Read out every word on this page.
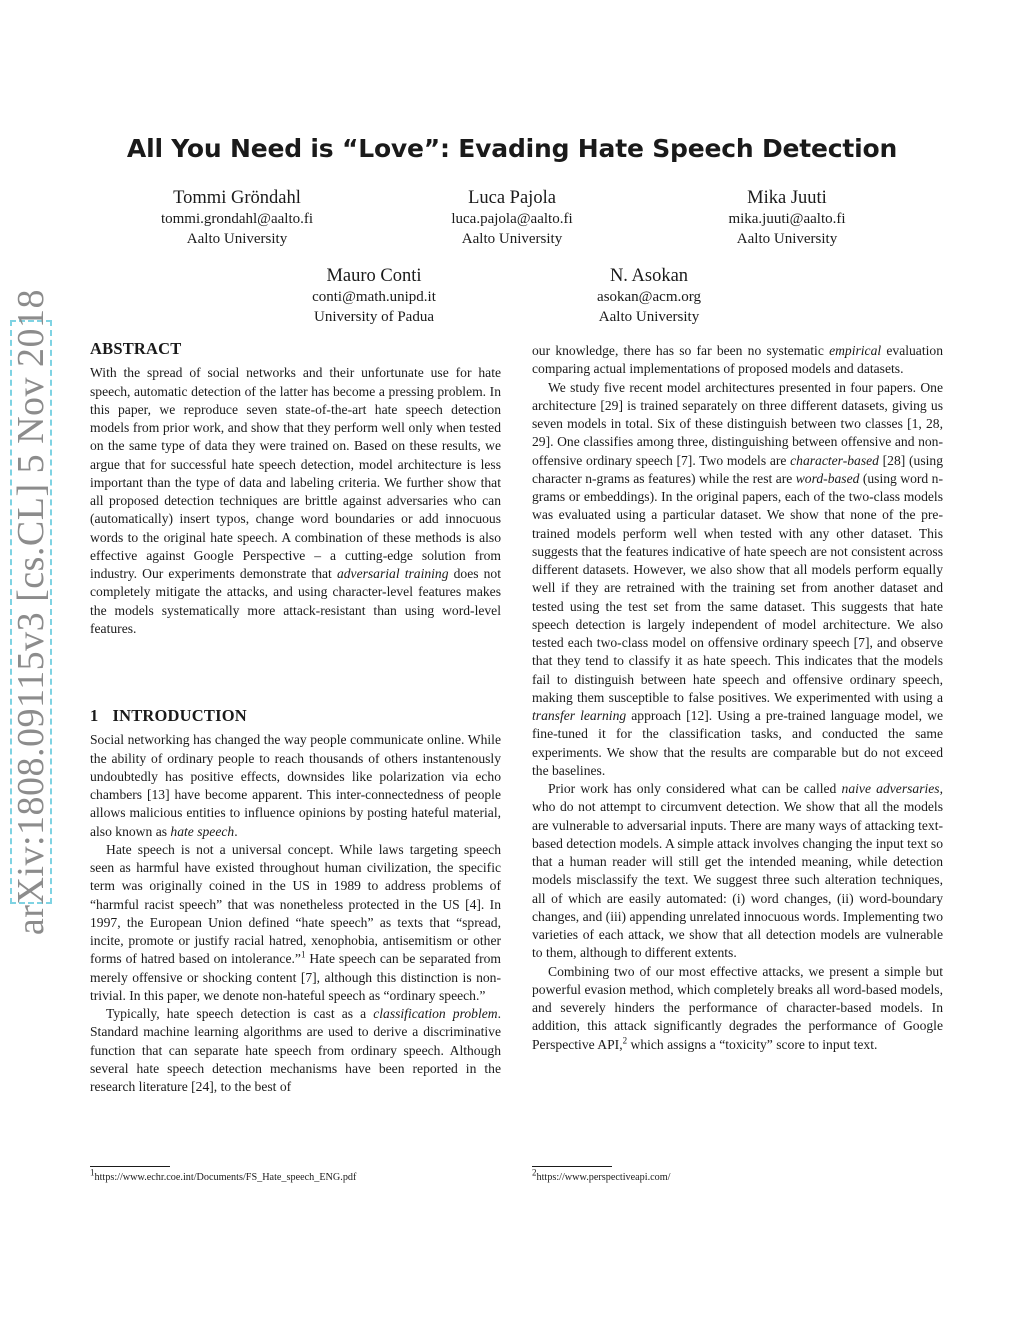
All You Need is “Love”: Evading Hate Speech Detection
Tommi Gröndahl
tommi.grondahl@aalto.fi
Aalto University
Luca Pajola
luca.pajola@aalto.fi
Aalto University
Mika Juuti
mika.juuti@aalto.fi
Aalto University
Mauro Conti
conti@math.unipd.it
University of Padua
N. Asokan
asokan@acm.org
Aalto University
arXiv:1808.09115v3 [cs.CL] 5 Nov 2018 ABSTRACT

With the spread of social networks and their unfortunate use for hate speech, automatic detection of the latter has become a pressing problem. In this paper, we reproduce seven state-of-the-art hate speech detection models from prior work, and show that they perform well only when tested on the same type of data they were trained on. Based on these results, we argue that for successful hate speech detection, model architecture is less important than the type of data and labeling criteria. We further show that all proposed detection techniques are brittle against adversaries who can (automatically) insert typos, change word boundaries or add innocuous words to the original hate speech. A combination of these methods is also effective against Google Perspective – a cutting-edge solution from industry. Our experiments demonstrate that adversarial training does not completely mitigate the attacks, and using character-level features makes the models systematically more attack-resistant than using word-level features.

1 INTRODUCTION

Social networking has changed the way people communicate online. While the ability of ordinary people to reach thousands of others instantenously undoubtedly has positive effects, downsides like polarization via echo chambers [13] have become apparent. This inter-connectedness of people allows malicious entities to influence opinions by posting hateful material, also known as hate speech.

Hate speech is not a universal concept. While laws targeting speech seen as harmful have existed throughout human civilization, the specific term was originally coined in the US in 1989 to address problems of “harmful racist speech” that was nonetheless protected in the US [4]. In 1997, the European Union defined “hate speech” as texts that “spread, incite, promote or justify racial hatred, xenophobia, antisemitism or other forms of hatred based on intolerance.”$^1$ Hate speech can be separated from merely offensive or shocking content [7], although this distinction is non-trivial. In this paper, we denote non-hateful speech as “ordinary speech.”

Typically, hate speech detection is cast as a classification problem. Standard machine learning algorithms are used to derive a discriminative function that can separate hate speech from ordinary speech. Although several hate speech detection mechanisms have been reported in the research literature [24], to the best of

our knowledge, there has so far been no systematic empirical evaluation comparing actual implementations of proposed models and datasets.

We study five recent model architectures presented in four papers. One architecture [29] is trained separately on three different datasets, giving us seven models in total. Six of these distinguish between two classes [1, 28, 29]. One classifies among three, distinguishing between offensive and non-offensive ordinary speech [7]. Two models are character-based [28] (using character n-grams as features) while the rest are word-based (using word n-grams or embeddings). In the original papers, each of the two-class models was evaluated using a particular dataset. We show that none of the pre-trained models perform well when tested with any other dataset. This suggests that the features indicative of hate speech are not consistent across different datasets. However, we also show that all models perform equally well if they are retrained with the training set from another dataset and tested using the test set from the same dataset. This suggests that hate speech detection is largely independent of model architecture. We also tested each two-class model on offensive ordinary speech [7], and observe that they tend to classify it as hate speech. This indicates that the models fail to distinguish between hate speech and offensive ordinary speech, making them susceptible to false positives. We experimented with using a transfer learning approach [12]. Using a pre-trained language model, we fine-tuned it for the classification tasks, and conducted the same experiments. We show that the results are comparable but do not exceed the baselines.

Prior work has only considered what can be called naive adversaries, who do not attempt to circumvent detection. We show that all the models are vulnerable to adversarial inputs. There are many ways of attacking text-based detection models. A simple attack involves changing the input text so that a human reader will still get the intended meaning, while detection models misclassify the text. We suggest three such alteration techniques, all of which are easily automated: (i) word changes, (ii) word-boundary changes, and (iii) appending unrelated innocuous words. Implementing two varieties of each attack, we show that all detection models are vulnerable to them, although to different extents.

Combining two of our most effective attacks, we present a simple but powerful evasion method, which completely breaks all word-based models, and severely hinders the performance of character-based models. In addition, this attack significantly degrades the performance of Google Perspective API,$^2$ which assigns a “toxicity” score to input text.

$^1$https://www.echr.coe.int/Documents/FS_Hate_speech_ENG.pdf	$^2$https://www.perspectiveapi.com/
